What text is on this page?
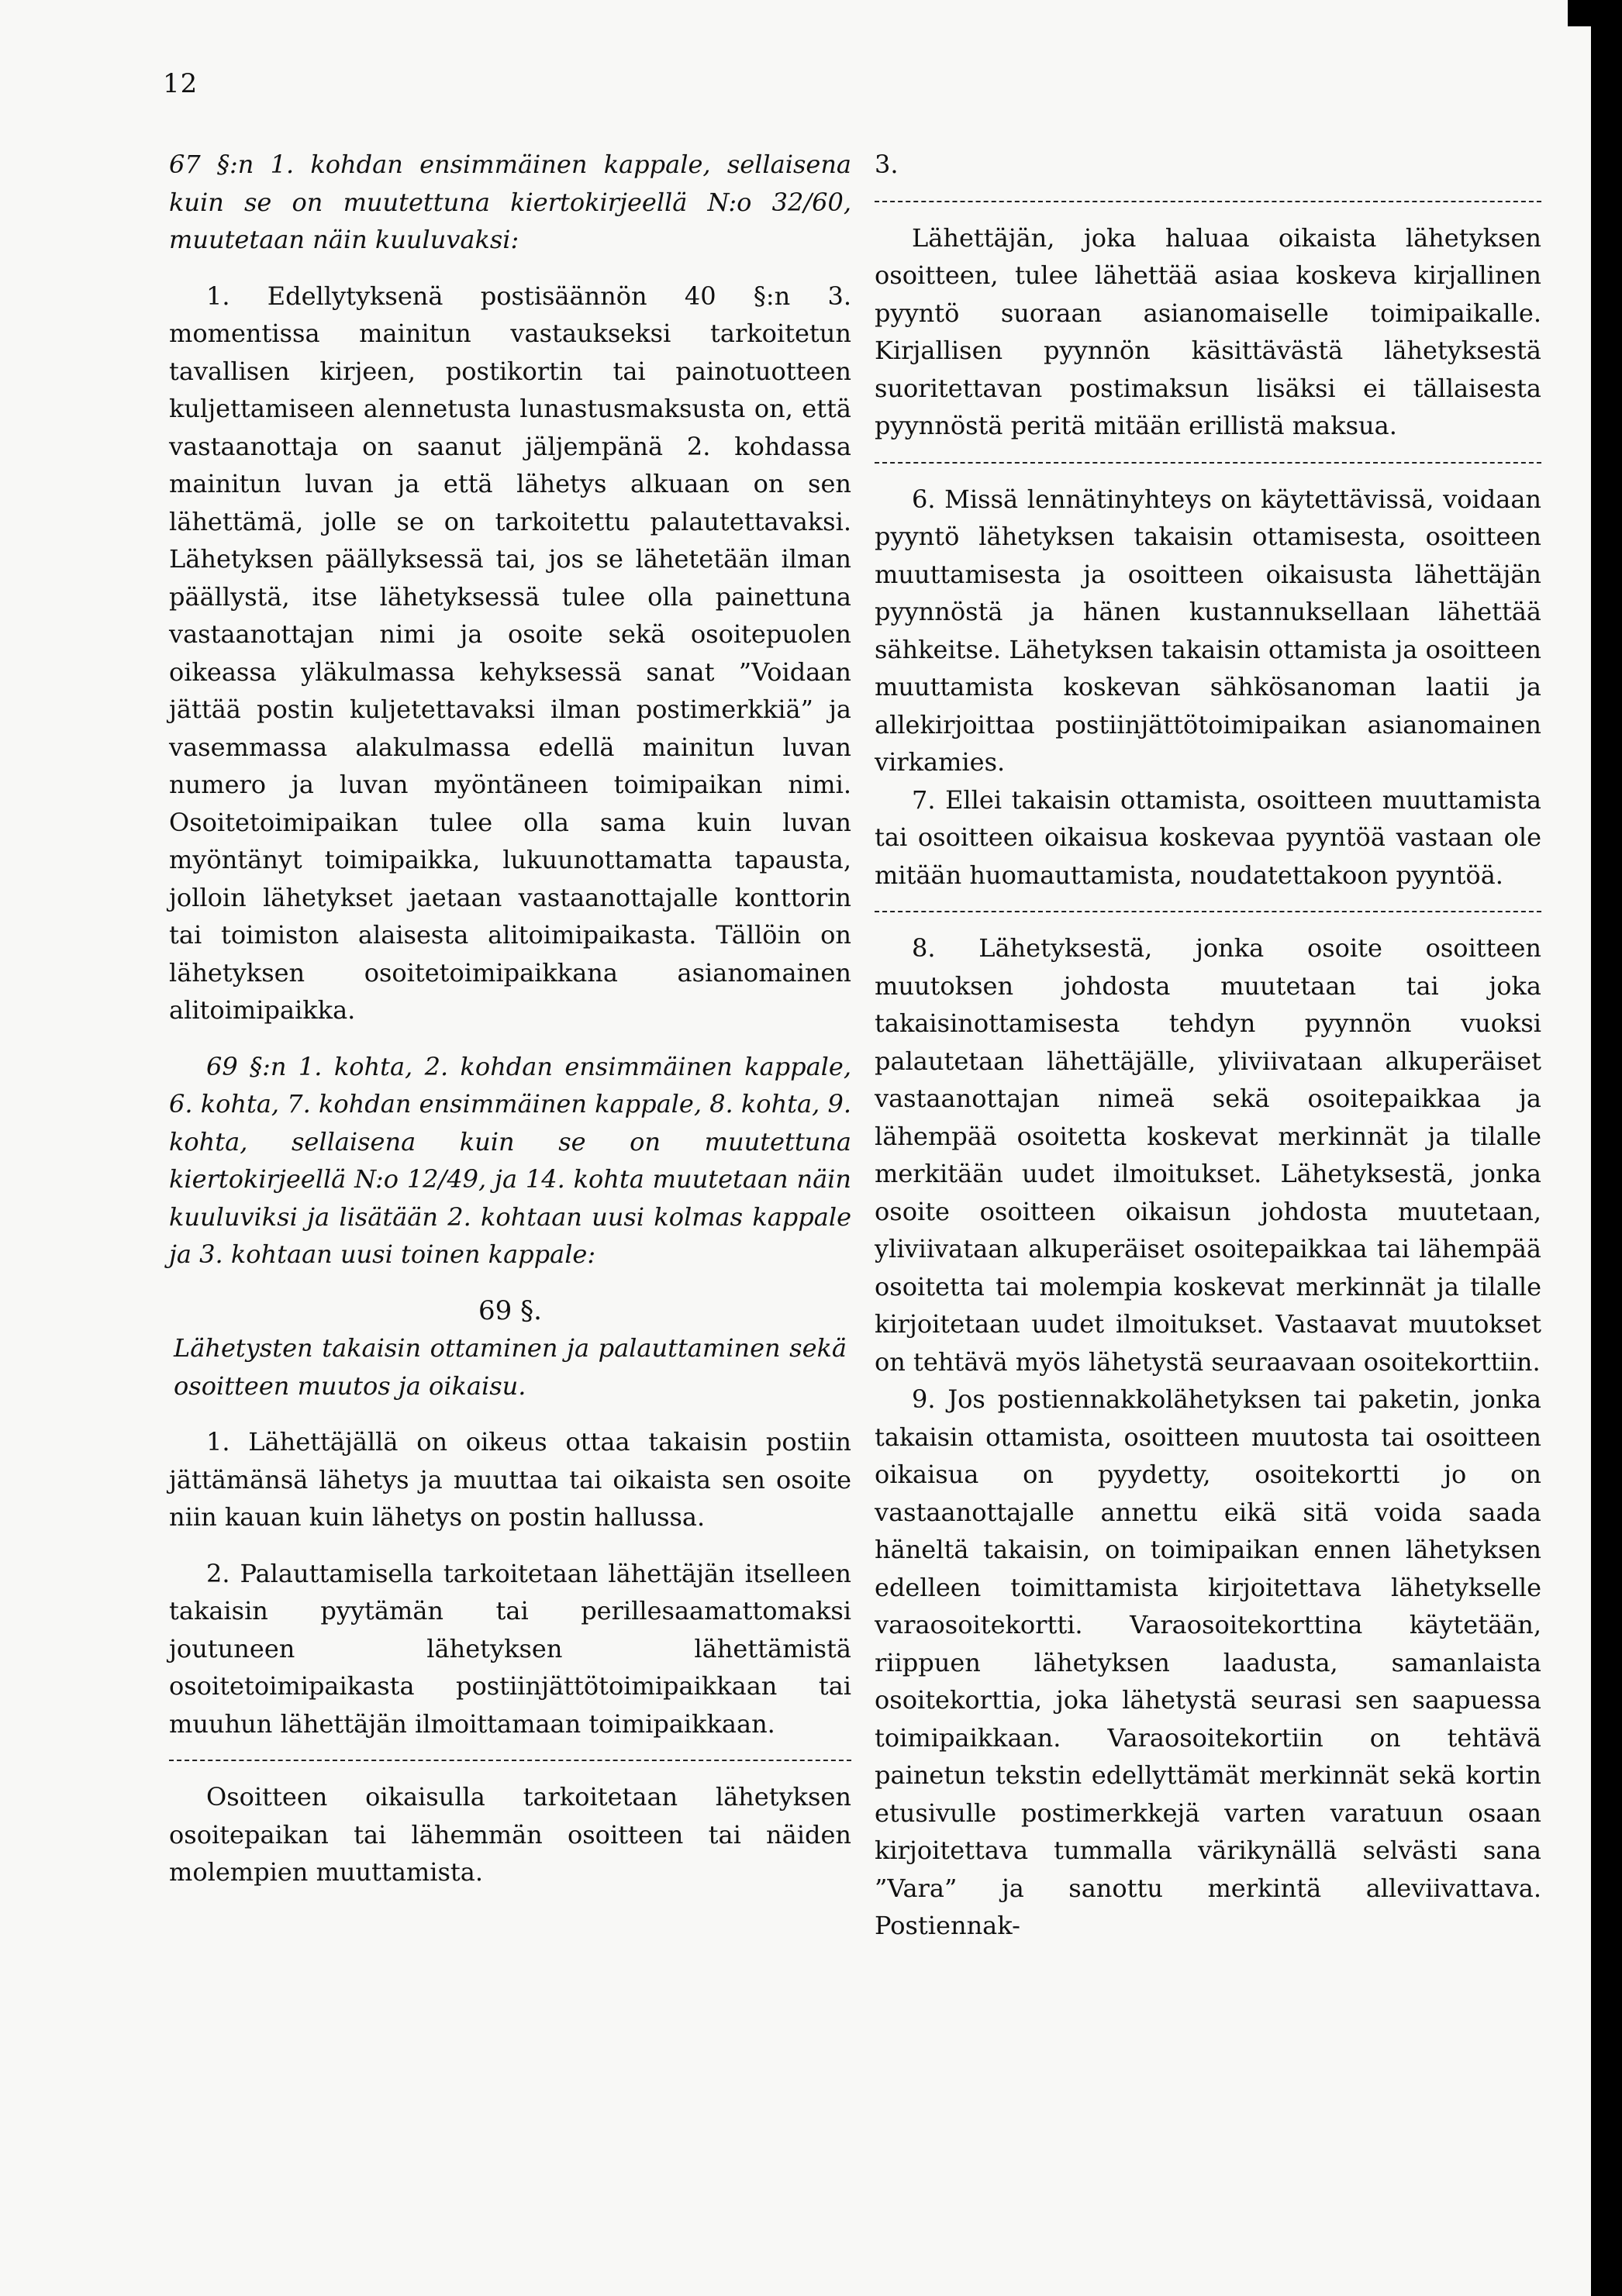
12

67 §:n 1. kohdan ensimmäinen kappale, sellaisena kuin se on muutettuna kiertokirjeellä N:o 32/60, muutetaan näin kuuluvaksi:

1. Edellytyksenä postisäännön 40 §:n 3. momentissa mainitun vastaukseksi tarkoitetun tavallisen kirjeen, postikortin tai painotuotteen kuljettamiseen alennetusta lunastusmaksusta on, että vastaanottaja on saanut jäljempänä 2. kohdassa mainitun luvan ja että lähetys alkuaan on sen lähettämä, jolle se on tarkoitettu palautettavaksi. Lähetyksen päällyksessä tai, jos se lähetetään ilman päällystä, itse lähetyksessä tulee olla painettuna vastaanottajan nimi ja osoite sekä osoitepuolen oikeassa yläkulmassa kehyksessä sanat ”Voidaan jättää postin kuljetettavaksi ilman postimerkkiä” ja vasemmassa alakulmassa edellä mainitun luvan numero ja luvan myöntäneen toimipaikan nimi. Osoitetoimipaikan tulee olla sama kuin luvan myöntänyt toimipaikka, lukuunottamatta tapausta, jolloin lähetykset jaetaan vastaanottajalle konttorin tai toimiston alaisesta alitoimipaikasta. Tällöin on lähetyksen osoitetoimipaikkana asianomainen alitoimipaikka.

69 §:n 1. kohta, 2. kohdan ensimmäinen kappale, 6. kohta, 7. kohdan ensimmäinen kappale, 8. kohta, 9. kohta, sellaisena kuin se on muutettuna kiertokirjeellä N:o 12/49, ja 14. kohta muutetaan näin kuuluviksi ja lisätään 2. kohtaan uusi kolmas kappale ja 3. kohtaan uusi toinen kappale:

69 §.

Lähetysten takaisin ottaminen ja palauttaminen sekä osoitteen muutos ja oikaisu.

1. Lähettäjällä on oikeus ottaa takaisin postiin jättämänsä lähetys ja muuttaa tai oikaista sen osoite niin kauan kuin lähetys on postin hallussa.

2. Palauttamisella tarkoitetaan lähettäjän itselleen takaisin pyytämän tai perillesaamattomaksi joutuneen lähetyksen lähettämistä osoitetoimipaikasta postiinjättötoimipaikkaan tai muuhun lähettäjän ilmoittamaan toimipaikkaan.

Osoitteen oikaisulla tarkoitetaan lähetyksen osoitepaikan tai lähemmän osoitteen tai näiden molempien muuttamista.

3.

Lähettäjän, joka haluaa oikaista lähetyksen osoitteen, tulee lähettää asiaa koskeva kirjallinen pyyntö suoraan asianomaiselle toimipaikalle. Kirjallisen pyynnön käsittävästä lähetyksestä suoritettavan postimaksun lisäksi ei tällaisesta pyynnöstä peritä mitään erillistä maksua.

6. Missä lennätinyhteys on käytettävissä, voidaan pyyntö lähetyksen takaisin ottamisesta, osoitteen muuttamisesta ja osoitteen oikaisusta lähettäjän pyynnöstä ja hänen kustannuksellaan lähettää sähkeitse. Lähetyksen takaisin ottamista ja osoitteen muuttamista koskevan sähkösanoman laatii ja allekirjoittaa postiinjättötoimipaikan asianomainen virkamies.

7. Ellei takaisin ottamista, osoitteen muuttamista tai osoitteen oikaisua koskevaa pyyntöä vastaan ole mitään huomauttamista, noudatettakoon pyyntöä.

8. Lähetyksestä, jonka osoite osoitteen muutoksen johdosta muutetaan tai joka takaisinottamisesta tehdyn pyynnön vuoksi palautetaan lähettäjälle, yliviivataan alkuperäiset vastaanottajan nimeä sekä osoitepaikkaa ja lähempää osoitetta koskevat merkinnät ja tilalle merkitään uudet ilmoitukset. Lähetyksestä, jonka osoite osoitteen oikaisun johdosta muutetaan, yliviivataan alkuperäiset osoitepaikkaa tai lähempää osoitetta tai molempia koskevat merkinnät ja tilalle kirjoitetaan uudet ilmoitukset. Vastaavat muutokset on tehtävä myös lähetystä seuraavaan osoitekorttiin.

9. Jos postiennakkolähetyksen tai paketin, jonka takaisin ottamista, osoitteen muutosta tai osoitteen oikaisua on pyydetty, osoitekortti jo on vastaanottajalle annettu eikä sitä voida saada häneltä takaisin, on toimipaikan ennen lähetyksen edelleen toimittamista kirjoitettava lähetykselle varaosoitekortti. Varaosoitekorttina käytetään, riippuen lähetyksen laadusta, samanlaista osoitekorttia, joka lähetystä seurasi sen saapuessa toimipaikkaan. Varaosoitekortiin on tehtävä painetun tekstin edellyttämät merkinnät sekä kortin etusivulle postimerkkejä varten varatuun osaan kirjoitettava tummalla värikynällä selvästi sana ”Vara” ja sanottu merkintä alleviivattava. Postiennak-
